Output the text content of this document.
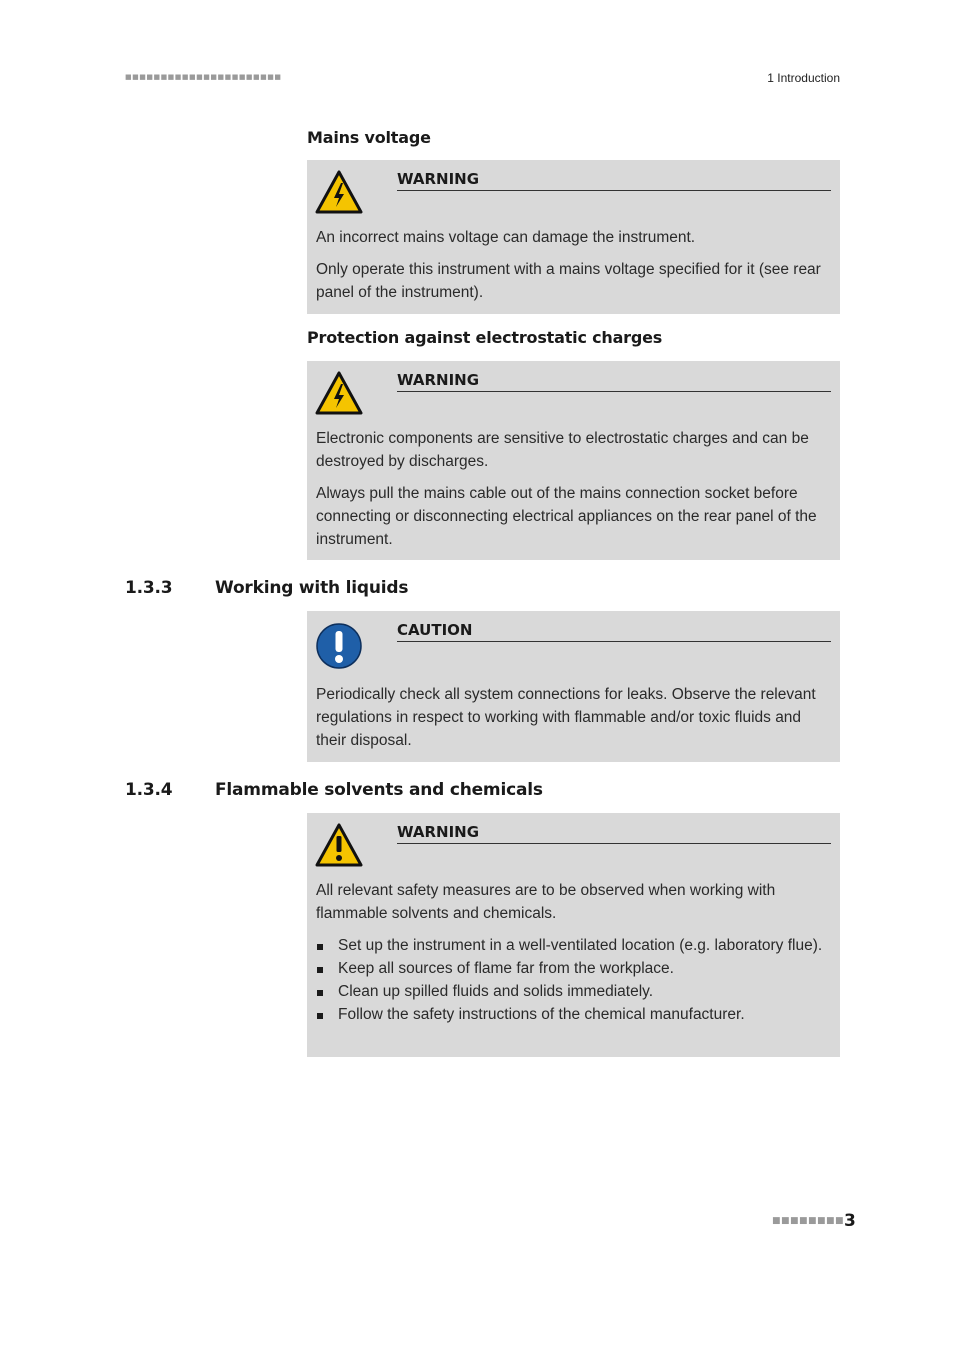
■■■■■■■■■■■■■■■■■■■■■■	1 Introduction
Mains voltage
WARNING

An incorrect mains voltage can damage the instrument.

Only operate this instrument with a mains voltage specified for it (see rear panel of the instrument).

Protection against electrostatic charges
WARNING

Electronic components are sensitive to electrostatic charges and can be destroyed by discharges.

Always pull the mains cable out of the mains connection socket before connecting or disconnecting electrical appliances on the rear panel of the instrument.

1.3.3	Working with liquids
CAUTION

Periodically check all system connections for leaks. Observe the relevant regulations in respect to working with flammable and/or toxic fluids and their disposal.

1.3.4	Flammable solvents and chemicals
WARNING

All relevant safety measures are to be observed when working with flammable solvents and chemicals.

Set up the instrument in a well-ventilated location (e.g. laboratory flue).
Keep all sources of flame far from the workplace.
Clean up spilled fluids and solids immediately.
Follow the safety instructions of the chemical manufacturer.
■■■■■■■■ 3
